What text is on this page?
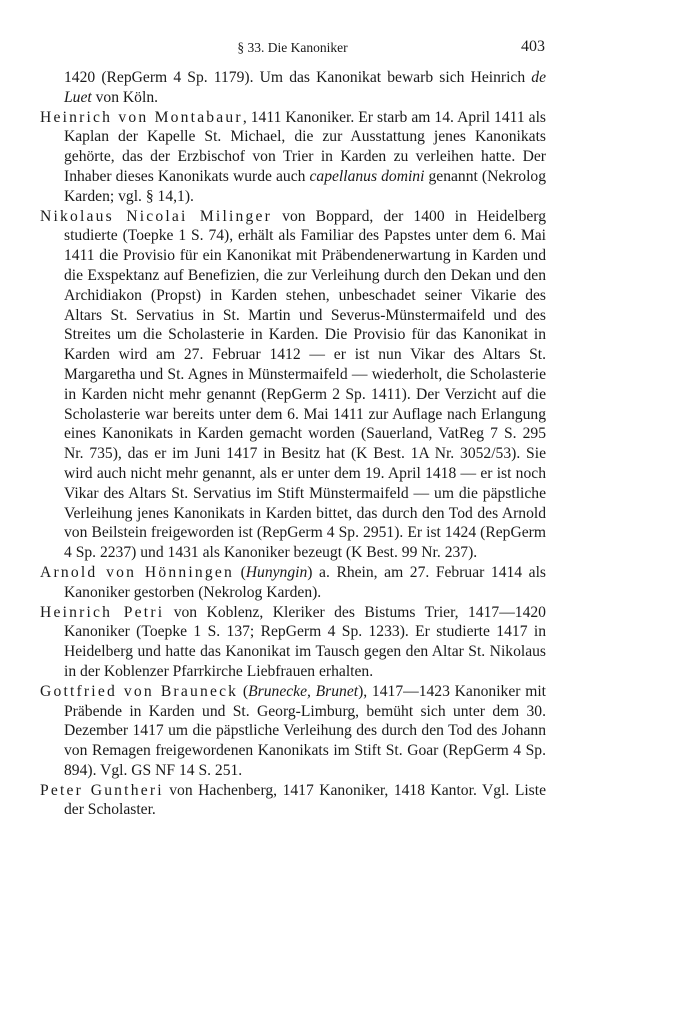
§ 33. Die Kanoniker	403

1420 (RepGerm 4 Sp. 1179). Um das Kanonikat bewarb sich Heinrich de Luet von Köln.

Heinrich von Montabaur, 1411 Kanoniker. Er starb am 14. April 1411 als Kaplan der Kapelle St. Michael, die zur Ausstattung jenes Kanonikats gehörte, das der Erzbischof von Trier in Karden zu verleihen hatte. Der Inhaber dieses Kanonikats wurde auch capellanus domini genannt (Nekrolog Karden; vgl. § 14,1).

Nikolaus Nicolai Milinger von Boppard, der 1400 in Heidelberg studierte (Toepke 1 S. 74), erhält als Familiar des Papstes unter dem 6. Mai 1411 die Provisio für ein Kanonikat mit Präbendenerwartung in Karden und die Exspektanz auf Benefizien, die zur Verleihung durch den Dekan und den Archidiakon (Propst) in Karden stehen, unbeschadet seiner Vikarie des Altars St. Servatius in St. Martin und Severus-Münstermaifeld und des Streites um die Scholasterie in Karden. Die Provisio für das Kanonikat in Karden wird am 27. Februar 1412 — er ist nun Vikar des Altars St. Margaretha und St. Agnes in Münstermaifeld — wiederholt, die Scholasterie in Karden nicht mehr genannt (RepGerm 2 Sp. 1411). Der Verzicht auf die Scholasterie war bereits unter dem 6. Mai 1411 zur Auflage nach Erlangung eines Kanonikats in Karden gemacht worden (Sauerland, VatReg 7 S. 295 Nr. 735), das er im Juni 1417 in Besitz hat (K Best. 1A Nr. 3052/53). Sie wird auch nicht mehr genannt, als er unter dem 19. April 1418 — er ist noch Vikar des Altars St. Servatius im Stift Münstermaifeld — um die päpstliche Verleihung jenes Kanonikats in Karden bittet, das durch den Tod des Arnold von Beilstein freigeworden ist (RepGerm 4 Sp. 2951). Er ist 1424 (RepGerm 4 Sp. 2237) und 1431 als Kanoniker bezeugt (K Best. 99 Nr. 237).

Arnold von Hönningen (Hunyngin) a. Rhein, am 27. Februar 1414 als Kanoniker gestorben (Nekrolog Karden).

Heinrich Petri von Koblenz, Kleriker des Bistums Trier, 1417—1420 Kanoniker (Toepke 1 S. 137; RepGerm 4 Sp. 1233). Er studierte 1417 in Heidelberg und hatte das Kanonikat im Tausch gegen den Altar St. Nikolaus in der Koblenzer Pfarrkirche Liebfrauen erhalten.

Gottfried von Brauneck (Brunecke, Brunet), 1417—1423 Kanoniker mit Präbende in Karden und St. Georg-Limburg, bemüht sich unter dem 30. Dezember 1417 um die päpstliche Verleihung des durch den Tod des Johann von Remagen freigewordenen Kanonikats im Stift St. Goar (RepGerm 4 Sp. 894). Vgl. GS NF 14 S. 251.

Peter Guntheri von Hachenberg, 1417 Kanoniker, 1418 Kantor. Vgl. Liste der Scholaster.
